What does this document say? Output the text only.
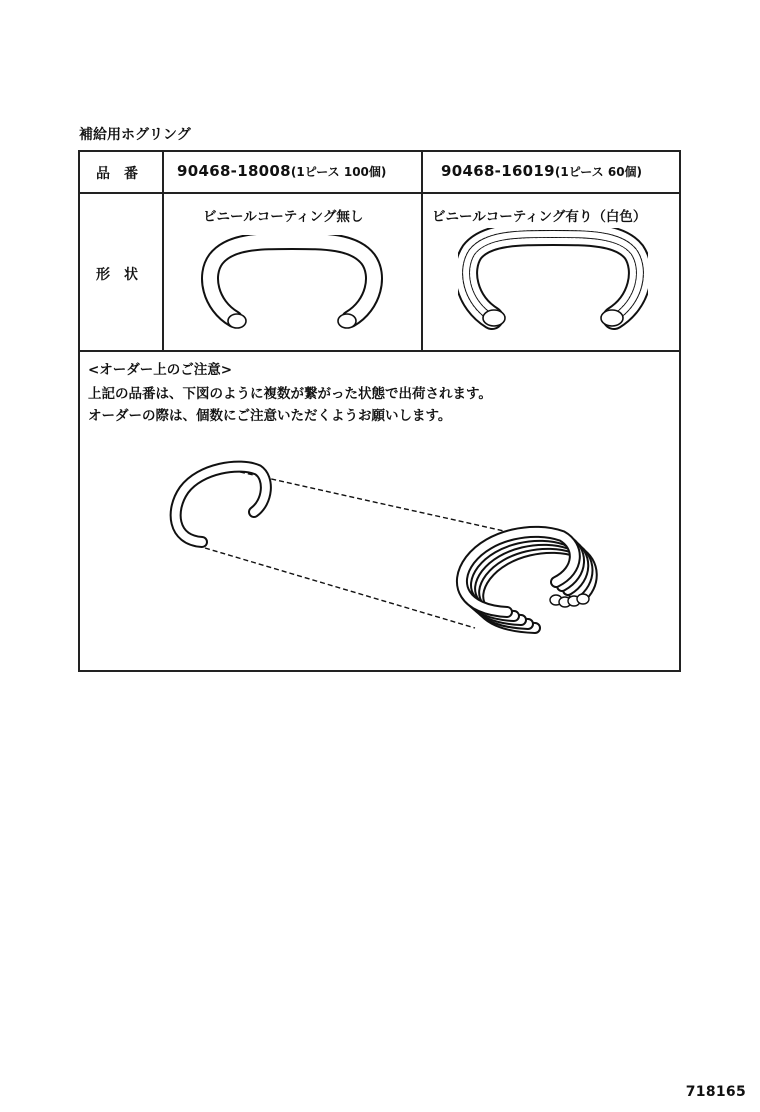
補給用ホグリング
品　番
形　状
90468-18008(1ピース 100個)	90468-16019(1ピース 60個)
ビニールコーティング無し	ビニールコーティング有り（白色）
<オーダー上のご注意>
上記の品番は、下図のように複数が繋がった状態で出荷されます。
オーダーの際は、個数にご注意いただくようお願いします。
718165
